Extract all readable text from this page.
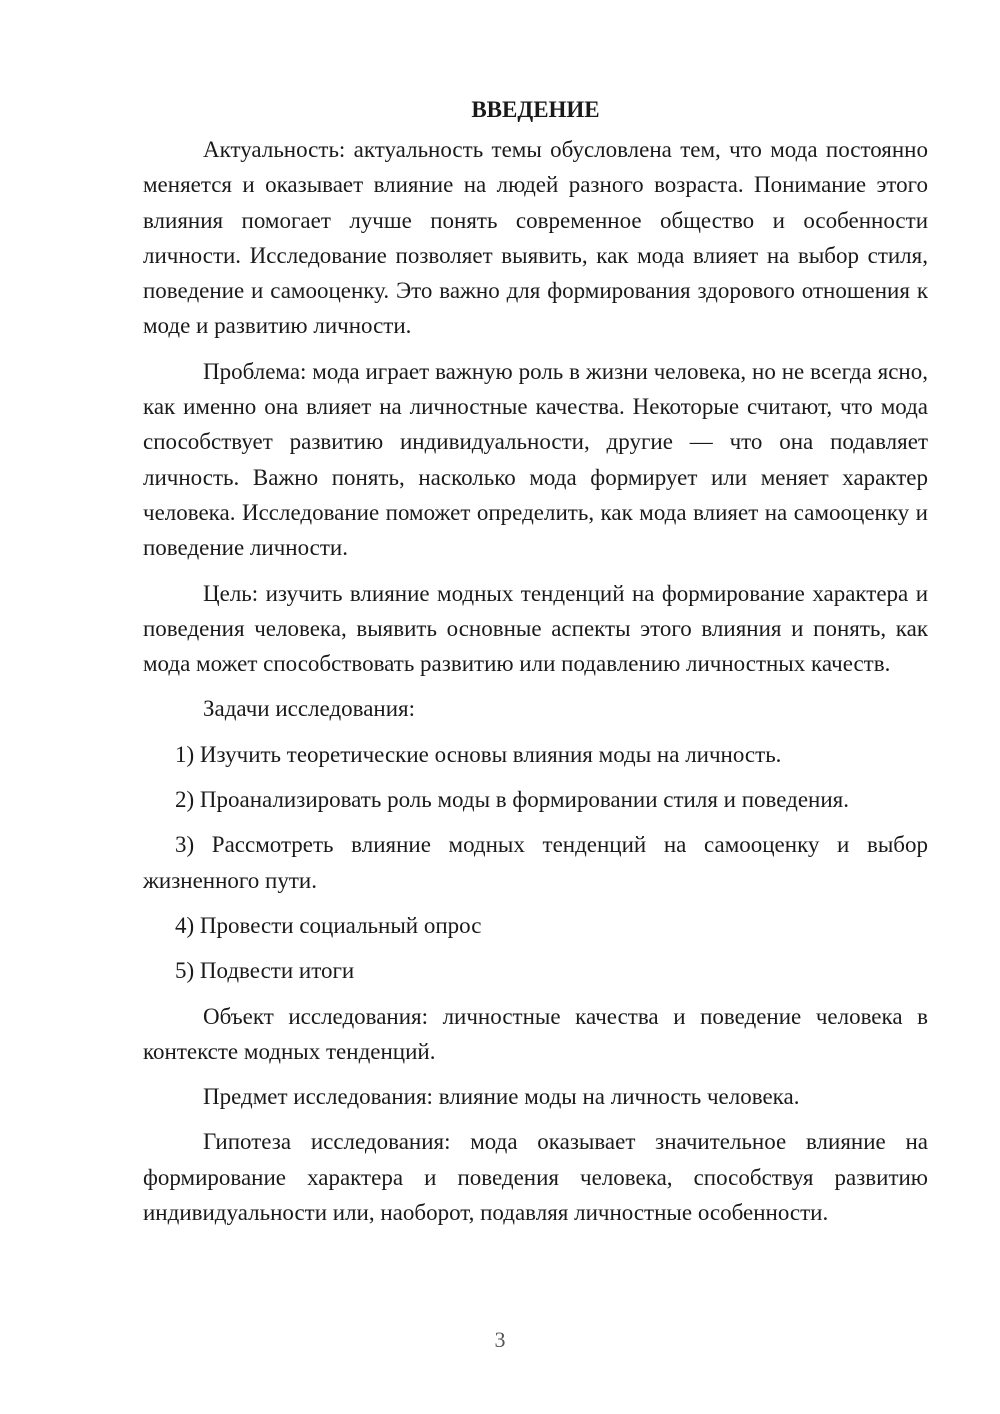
ВВЕДЕНИЕ

Актуальность: актуальность темы обусловлена тем, что мода постоянно меняется и оказывает влияние на людей разного возраста. Понимание этого влияния помогает лучше понять современное общество и особенности личности. Исследование позволяет выявить, как мода влияет на выбор стиля, поведение и самооценку. Это важно для формирования здорового отношения к моде и развитию личности.

Проблема: мода играет важную роль в жизни человека, но не всегда ясно, как именно она влияет на личностные качества. Некоторые считают, что мода способствует развитию индивидуальности, другие — что она подавляет личность. Важно понять, насколько мода формирует или меняет характер человека. Исследование поможет определить, как мода влияет на самооценку и поведение личности.

Цель: изучить влияние модных тенденций на формирование характера и поведения человека, выявить основные аспекты этого влияния и понять, как мода может способствовать развитию или подавлению личностных качеств.

Задачи исследования:

1) Изучить теоретические основы влияния моды на личность.

2) Проанализировать роль моды в формировании стиля и поведения.

3) Рассмотреть влияние модных тенденций на самооценку и выбор жизненного пути.

4) Провести социальный опрос

5) Подвести итоги

Объект исследования: личностные качества и поведение человека в контексте модных тенденций.

Предмет исследования: влияние моды на личность человека.

Гипотеза исследования: мода оказывает значительное влияние на формирование характера и поведения человека, способствуя развитию индивидуальности или, наоборот, подавляя личностные особенности.

3
